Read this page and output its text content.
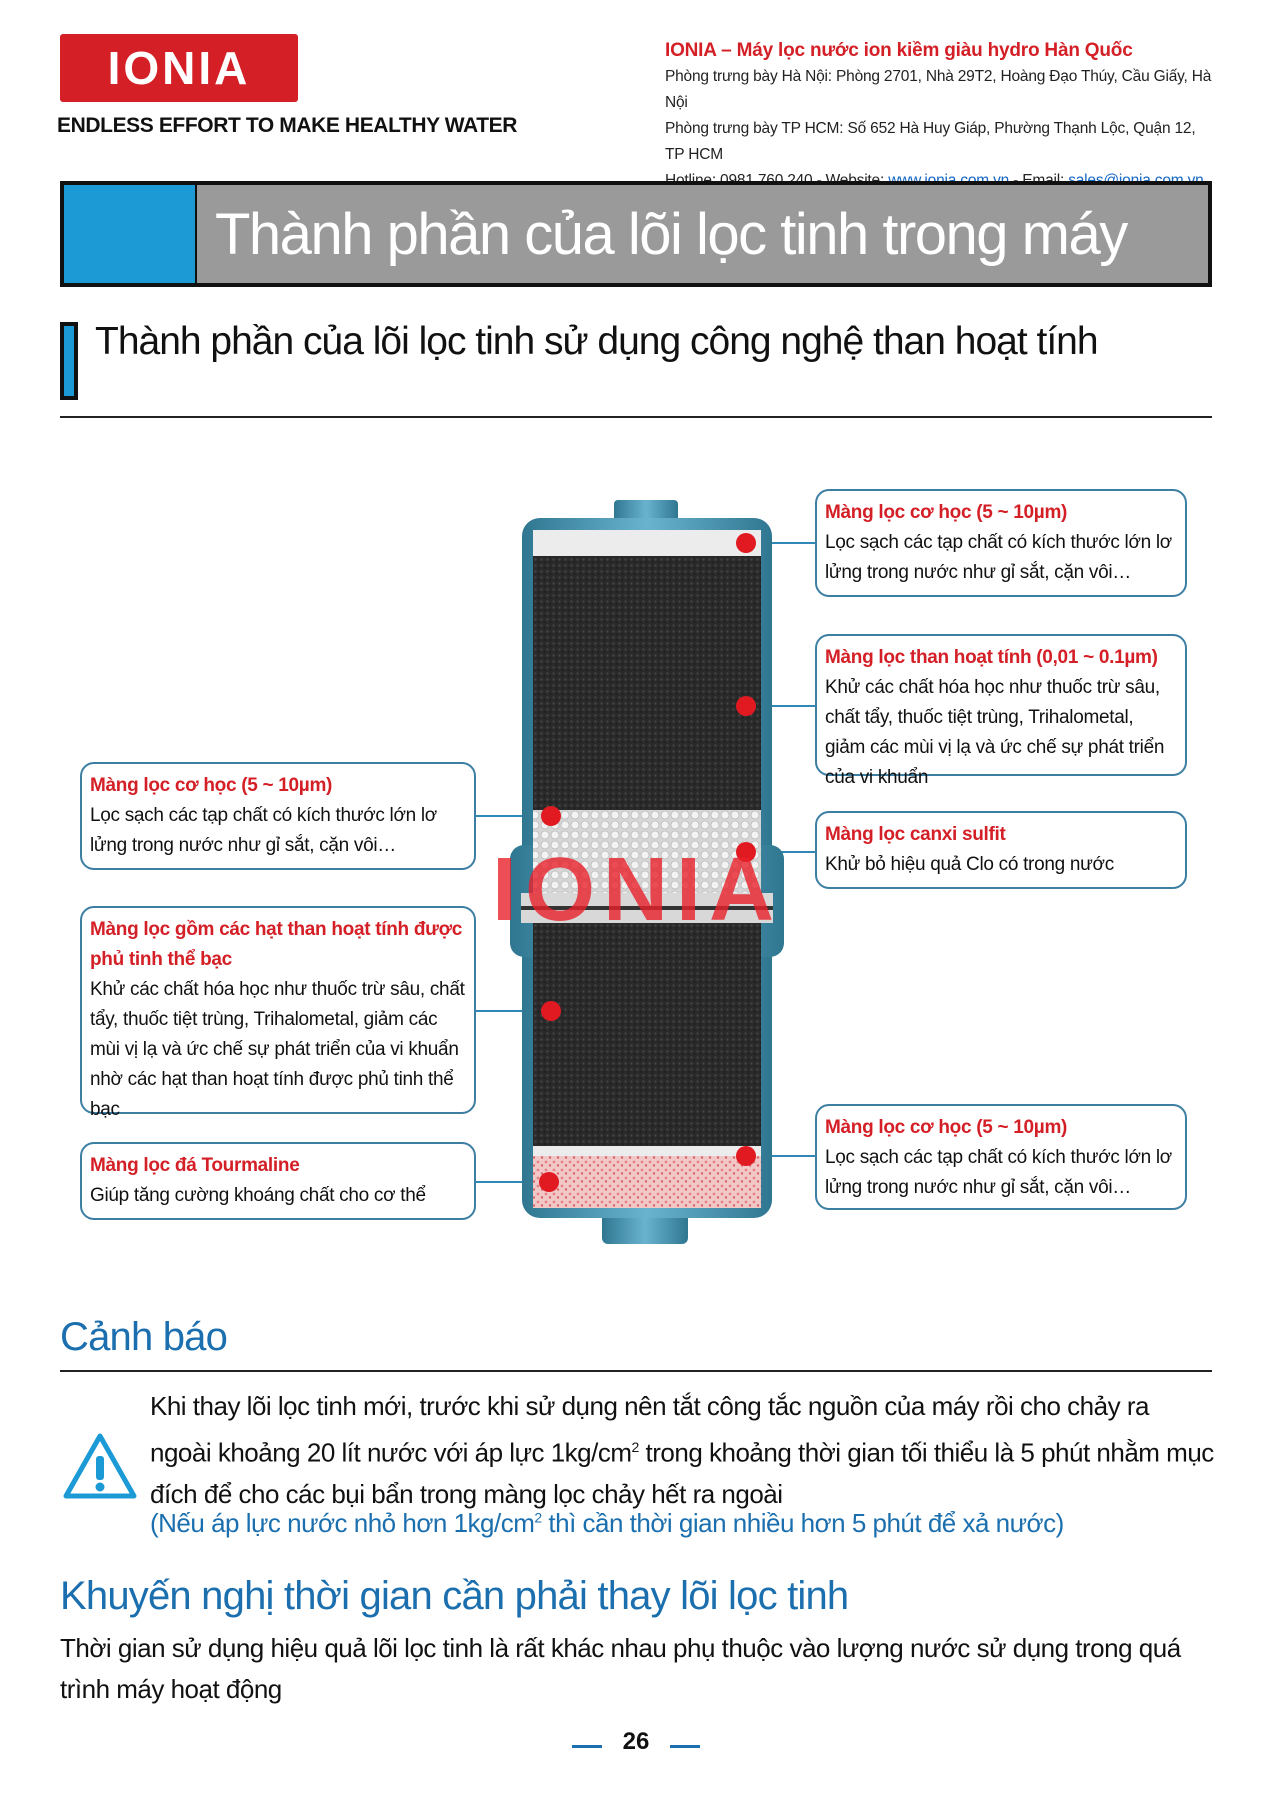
IONIA
ENDLESS EFFORT TO MAKE HEALTHY WATER
IONIA – Máy lọc nước ion kiềm giàu hydro Hàn Quốc
Phòng trưng bày Hà Nội: Phòng 2701, Nhà 29T2, Hoàng Đạo Thúy, Cầu Giấy, Hà Nội
Phòng trưng bày TP HCM: Số 652 Hà Huy Giáp, Phường Thạnh Lộc, Quận 12, TP HCM
Thành phần của lõi lọc tinh trong máy
Thành phần của lõi lọc tinh sử dụng công nghệ than hoạt tính
IONIA
Màng lọc cơ học (5 ~ 10µm)
Lọc sạch các tạp chất có kích thước lớn lơ lửng trong nước như gỉ sắt, cặn vôi…
Màng lọc than hoạt tính (0,01 ~ 0.1µm)
Khử các chất hóa học như thuốc trừ sâu, chất tẩy, thuốc tiệt trùng, Trihalometal, giảm các mùi vị lạ và ức chế sự phát triển của vi khuẩn
Màng lọc canxi sulfit
Khử bỏ hiệu quả Clo có trong nước
Màng lọc cơ học (5 ~ 10µm)
Lọc sạch các tạp chất có kích thước lớn lơ lửng trong nước như gỉ sắt, cặn vôi…
Màng lọc cơ học (5 ~ 10µm)
Lọc sạch các tạp chất có kích thước lớn lơ lửng trong nước như gỉ sắt, cặn vôi…
Màng lọc gồm các hạt than hoạt tính được phủ tinh thể bạc
Khử các chất hóa học như thuốc trừ sâu, chất tẩy, thuốc tiệt trùng, Trihalometal, giảm các mùi vị lạ và ức chế sự phát triển của vi khuẩn nhờ các hạt than hoạt tính được phủ tinh thể bạc
Màng lọc đá Tourmaline
Giúp tăng cường khoáng chất cho cơ thể
Cảnh báo
Khi thay lõi lọc tinh mới, trước khi sử dụng nên tắt công tắc nguồn của máy rồi cho chảy ra ngoài khoảng 20 lít nước với áp lực $1kg/cm^2$ trong khoảng thời gian tối thiểu là 5 phút nhằm mục đích để cho các bụi bẩn trong màng lọc chảy hết ra ngoài
(Nếu áp lực nước nhỏ hơn $1kg/cm^2$ thì cần thời gian nhiều hơn 5 phút để xả nước)
Khuyến nghị thời gian cần phải thay lõi lọc tinh
Thời gian sử dụng hiệu quả lõi lọc tinh là rất khác nhau phụ thuộc vào lượng nước sử dụng trong quá trình máy hoạt động
26
